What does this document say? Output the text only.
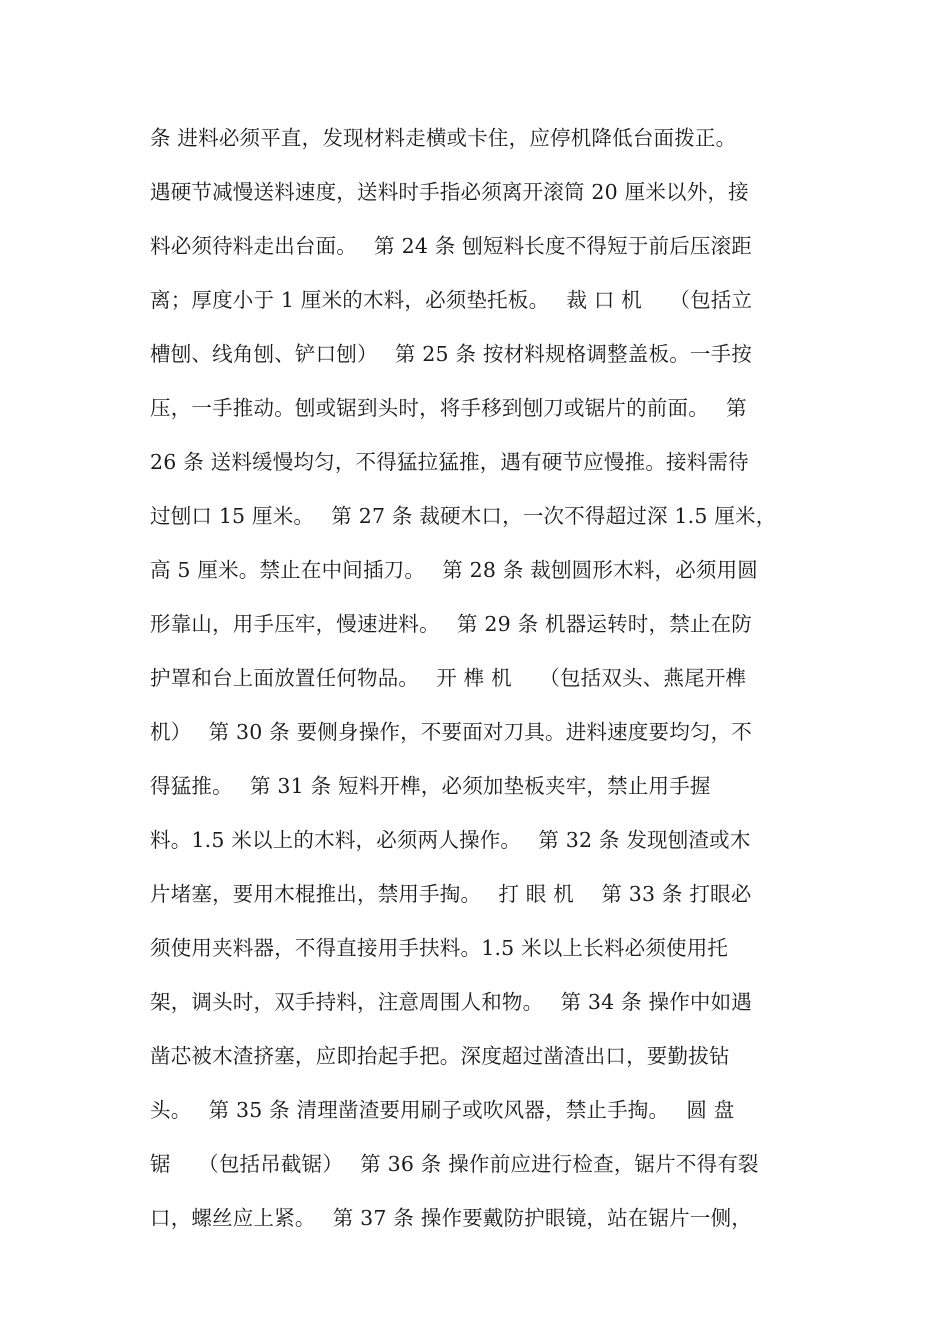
条 进料必须平直，发现材料走横或卡住，应停机降低台面拨正。
遇硬节减慢送料速度，送料时手指必须离开滚筒 20 厘米以外，接
料必须待料走出台面。　 第 24 条 刨短料长度不得短于前后压滚距
离；厚度小于 1 厘米的木料，必须垫托板。　 裁 口 机　 （包括立
槽刨、线角刨、铲口刨）　 第 25 条 按材料规格调整盖板。一手按
压，一手推动。刨或锯到头时，将手移到刨刀或锯片的前面。　 第
26 条 送料缓慢均匀，不得猛拉猛推，遇有硬节应慢推。接料需待
过刨口 15 厘米。　 第 27 条 裁硬木口，一次不得超过深 1.5 厘米，
高 5 厘米。禁止在中间插刀。　 第 28 条 裁刨圆形木料，必须用圆
形靠山，用手压牢，慢速进料。　 第 29 条 机器运转时，禁止在防
护罩和台上面放置任何物品。　 开 榫 机　 （包括双头、燕尾开榫
机）　 第 30 条 要侧身操作，不要面对刀具。进料速度要均匀，不
得猛推。　 第 31 条 短料开榫，必须加垫板夹牢，禁止用手握
料。1.5 米以上的木料，必须两人操作。　 第 32 条 发现刨渣或木
片堵塞，要用木棍推出，禁用手掏。　 打 眼 机　 第 33 条 打眼必
须使用夹料器，不得直接用手扶料。1.5 米以上长料必须使用托
架，调头时，双手持料，注意周围人和物。　 第 34 条 操作中如遇
凿芯被木渣挤塞，应即抬起手把。深度超过凿渣出口，要勤拔钻
头。　 第 35 条 清理凿渣要用刷子或吹风器，禁止手掏。　 圆 盘
锯　 （包括吊截锯）　 第 36 条 操作前应进行检查，锯片不得有裂
口，螺丝应上紧。　 第 37 条 操作要戴防护眼镜，站在锯片一侧，
